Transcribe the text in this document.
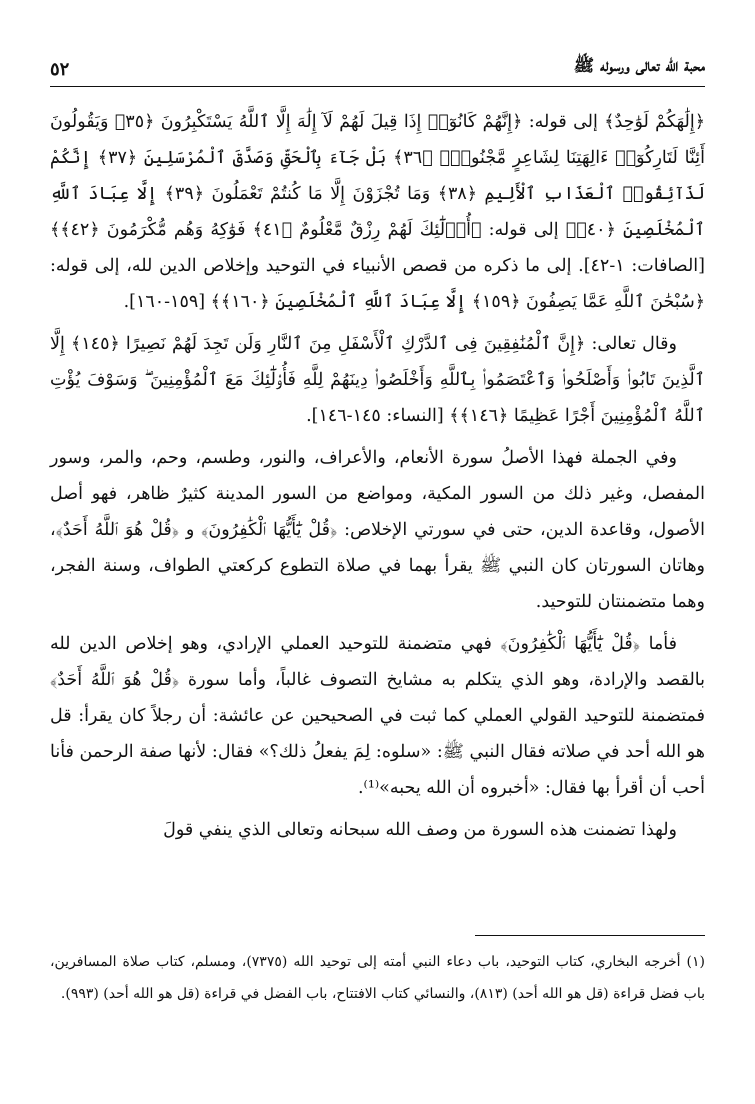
محبة الله تعالى ورسوله ﷺ
٥٢

﴿إِلَٰهَكُمْ لَوَٰحِدٌ﴾ إلى قوله: ﴿إِنَّهُمْ كَانُوٓا۟ إِذَا قِيلَ لَهُمْ لَآ إِلَٰهَ إِلَّا ٱللَّهُ يَسْتَكْبِرُونَ ﴿٣٥﴾ وَيَقُولُونَ أَئِنَّا لَتَارِكُوٓا۟ ءَالِهَتِنَا لِشَاعِرٍ مَّجْنُونٍۭ ﴿٣٦﴾ بَلْ جَآءَ بِٱلْحَقِّ وَصَدَّقَ ٱلْمُرْسَلِينَ ﴿٣٧﴾ إِنَّكُمْ لَذَآئِقُوا۟ ٱلْعَذَابِ ٱلْأَلِيمِ ﴿٣٨﴾ وَمَا تُجْزَوْنَ إِلَّا مَا كُنتُمْ تَعْمَلُونَ ﴿٣٩﴾ إِلَّا عِبَادَ ٱللَّهِ ٱلْمُخْلَصِينَ ﴿٤٠﴾﴾ إلى قوله: ﴿أُو۟لَٰٓئِكَ لَهُمْ رِزْقٌ مَّعْلُومٌ ﴿٤١﴾ فَوَٰكِهُ وَهُم مُّكْرَمُونَ ﴿٤٢﴾﴾ [الصافات: ١-٤٢]. إلى ما ذكره من قصص الأنبياء في التوحيد وإخلاص الدين لله، إلى قوله: ﴿سُبْحَٰنَ ٱللَّهِ عَمَّا يَصِفُونَ ﴿١٥٩﴾ إِلَّا عِبَادَ ٱللَّهِ ٱلْمُخْلَصِينَ ﴿١٦٠﴾﴾ [١٥٩-١٦٠].

وقال تعالى: ﴿إِنَّ ٱلْمُنَٰفِقِينَ فِى ٱلدَّرْكِ ٱلْأَسْفَلِ مِنَ ٱلنَّارِ وَلَن تَجِدَ لَهُمْ نَصِيرًا ﴿١٤٥﴾ إِلَّا ٱلَّذِينَ تَابُوا۟ وَأَصْلَحُوا۟ وَٱعْتَصَمُوا۟ بِٱللَّهِ وَأَخْلَصُوا۟ دِينَهُمْ لِلَّهِ فَأُو۟لَٰٓئِكَ مَعَ ٱلْمُؤْمِنِينَ ۖ وَسَوْفَ يُؤْتِ ٱللَّهُ ٱلْمُؤْمِنِينَ أَجْرًا عَظِيمًا ﴿١٤٦﴾﴾ [النساء: ١٤٥-١٤٦].

وفي الجملة فهذا الأصلُ سورة الأنعام، والأعراف، والنور، وطسم، وحم، والمر، وسور المفصل، وغير ذلك من السور المكية، ومواضع من السور المدينة كثيرٌ ظاهر، فهو أصل الأصول، وقاعدة الدين، حتى في سورتي الإخلاص: ﴿قُلْ يَٰٓأَيُّهَا ٱلْكَٰفِرُونَ﴾ و ﴿قُلْ هُوَ ٱللَّهُ أَحَدٌ﴾، وهاتان السورتان كان النبي ﷺ يقرأ بهما في صلاة التطوع كركعتي الطواف، وسنة الفجر، وهما متضمنتان للتوحيد.

فأما ﴿قُلْ يَٰٓأَيُّهَا ٱلْكَٰفِرُونَ﴾ فهي متضمنة للتوحيد العملي الإرادي، وهو إخلاص الدين لله بالقصد والإرادة، وهو الذي يتكلم به مشايخ التصوف غالباً، وأما سورة ﴿قُلْ هُوَ ٱللَّهُ أَحَدٌ﴾ فمتضمنة للتوحيد القولي العملي كما ثبت في الصحيحين عن عائشة: أن رجلاً كان يقرأ: قل هو الله أحد في صلاته فقال النبي ﷺ: «سلوه: لِمَ يفعلُ ذلك؟» فقال: لأنها صفة الرحمن فأنا أحب أن أقرأ بها فقال: «أخبروه أن الله يحبه»⁽¹⁾.

ولهذا تضمنت هذه السورة من وصف الله سبحانه وتعالى الذي ينفي قولَ

(١) أخرجه البخاري، كتاب التوحيد، باب دعاء النبي أمته إلى توحيد الله (٧٣٧٥)، ومسلم، كتاب صلاة المسافرين، باب فضل قراءة (قل هو الله أحد) (٨١٣)، والنسائي كتاب الافتتاح، باب الفضل في قراءة (قل هو الله أحد) (٩٩٣).
